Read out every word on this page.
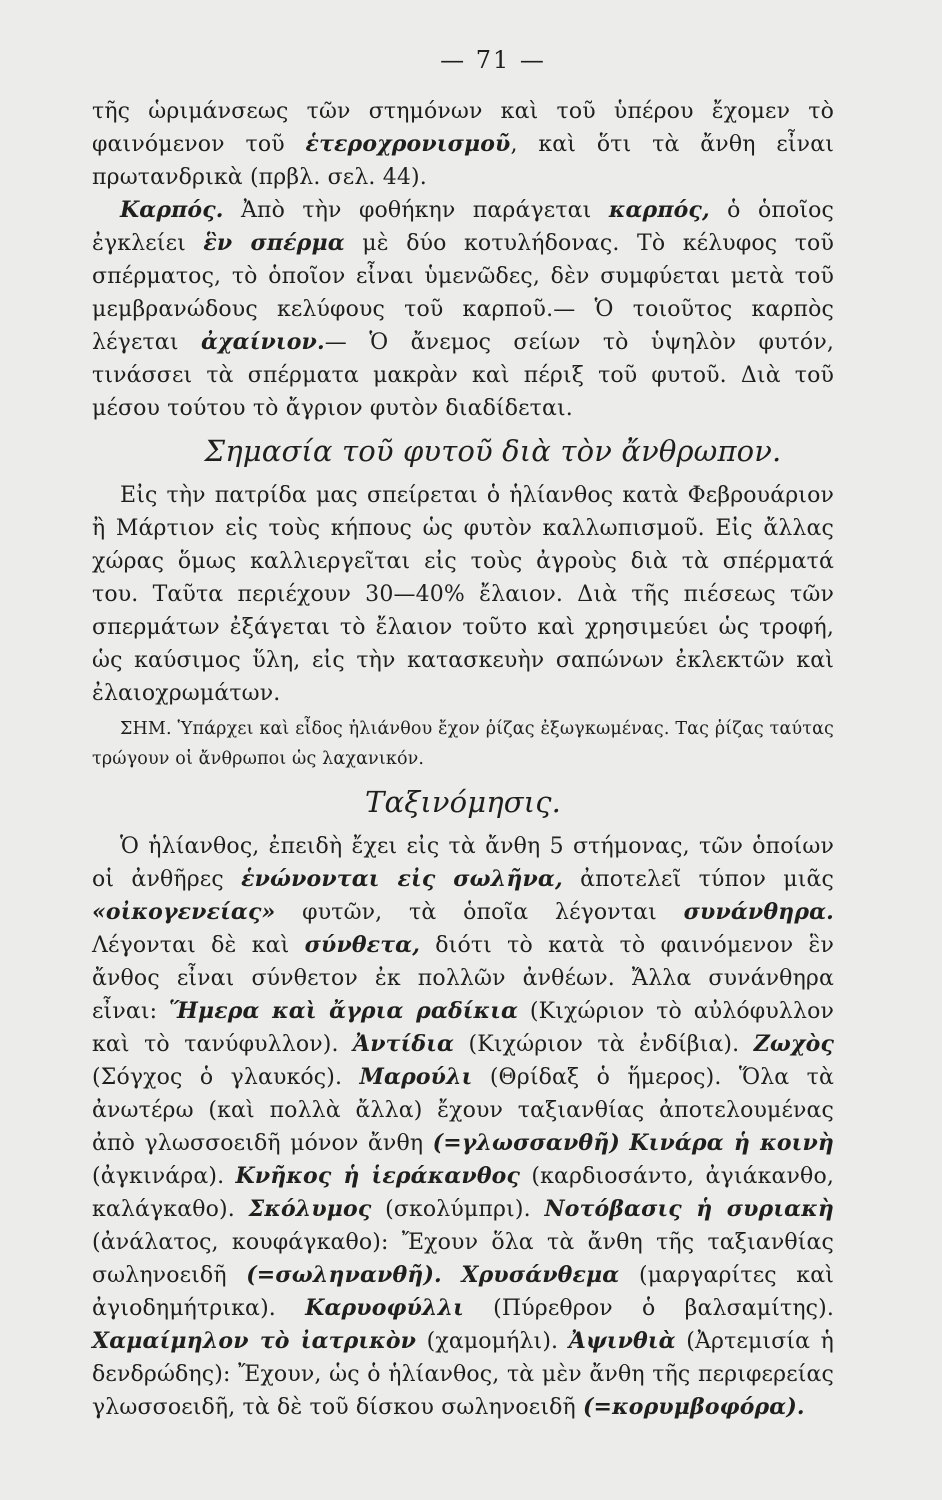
— 71 —

τῆς ὡριμάνσεως τῶν στημόνων καὶ τοῦ ὑπέρου ἔχομεν τὸ φαινόμενον τοῦ ἑτεροχρονισμοῦ, καὶ ὅτι τὰ ἄνθη εἶναι πρωτανδρικὰ (πρβλ. σελ. 44).

Καρπός. Ἀπὸ τὴν φοθήκην παράγεται καρπός, ὁ ὁποῖος ἐγκλείει ἓν σπέρμα μὲ δύο κοτυλήδονας. Τὸ κέλυφος τοῦ σπέρματος, τὸ ὁποῖον εἶναι ὑμενῶδες, δὲν συμφύεται μετὰ τοῦ μεμβρανώδους κελύφους τοῦ καρποῦ.— Ὁ τοιοῦτος καρπὸς λέγεται ἀχαίνιον.— Ὁ ἄνεμος σείων τὸ ὑψηλὸν φυτόν, τινάσσει τὰ σπέρματα μακρὰν καὶ πέριξ τοῦ φυτοῦ. Διὰ τοῦ μέσου τούτου τὸ ἄγριον φυτὸν διαδίδεται.

Σημασία τοῦ φυτοῦ διὰ τὸν ἄνθρωπον.

Εἰς τὴν πατρίδα μας σπείρεται ὁ ἡλίανθος κατὰ Φεβρουάριον ἢ Μάρτιον εἰς τοὺς κήπους ὡς φυτὸν καλλωπισμοῦ. Εἰς ἄλλας χώρας ὅμως καλλιεργεῖται εἰς τοὺς ἀγροὺς διὰ τὰ σπέρματά του. Ταῦτα περιέχουν 30—40% ἔλαιον. Διὰ τῆς πιέσεως τῶν σπερμάτων ἐξάγεται τὸ ἔλαιον τοῦτο καὶ χρησιμεύει ὡς τροφή, ὡς καύσιμος ὕλη, εἰς τὴν κατασκευὴν σαπώνων ἐκλεκτῶν καὶ ἐλαιοχρωμάτων.

ΣΗΜ. Ὑπάρχει καὶ εἶδος ἡλιάνθου ἔχον ῥίζας ἐξωγκωμένας. Τας ῥίζας ταύτας τρώγουν οἱ ἄνθρωποι ὡς λαχανικόν.

Ταξινόμησις.

Ὁ ἡλίανθος, ἐπειδὴ ἔχει εἰς τὰ ἄνθη 5 στήμονας, τῶν ὁποίων οἱ ἀνθῆρες ἑνώνονται εἰς σωλῆνα, ἀποτελεῖ τύπον μιᾶς «οἰκογενείας» φυτῶν, τὰ ὁποῖα λέγονται συνάνθηρα. Λέγονται δὲ καὶ σύνθετα, διότι τὸ κατὰ τὸ φαινόμενον ἓν ἄνθος εἶναι σύνθετον ἐκ πολλῶν ἀνθέων. Ἄλλα συνάνθηρα εἶναι: Ἥμερα καὶ ἄγρια ραδίκια (Κιχώριον τὸ αὐλόφυλλον καὶ τὸ τανύφυλλον). Ἀντίδια (Κιχώριον τὰ ἐνδίβια). Ζωχὸς (Σόγχος ὁ γλαυκός). Μαρούλι (Θρίδαξ ὁ ἥμερος). Ὅλα τὰ ἀνωτέρω (καὶ πολλὰ ἄλλα) ἔχουν ταξιανθίας ἀποτελουμένας ἀπὸ γλωσσοειδῆ μόνον ἄνθη (=γλωσσανθῆ) Κινάρα ἡ κοινὴ (ἀγκινάρα). Κνῆκος ἡ ἱεράκανθος (καρδιοσάντο, ἀγιάκανθο, καλάγκαθο). Σκόλυμος (σκολύμπρι). Νοτόβασις ἡ συριακὴ (ἀνάλατος, κουφάγκαθο): Ἔχουν ὅλα τὰ ἄνθη τῆς ταξιανθίας σωληνοειδῆ (=σωληνανθῆ). Χρυσάνθεμα (μαργαρίτες καὶ ἀγιοδημήτρικα). Καρυοφύλλι (Πύρεθρον ὁ βαλσαμίτης). Χαμαίμηλον τὸ ἰατρικὸν (χαμομήλι). Ἀψινθιὰ (Ἀρτεμισία ἡ δενδρώδης): Ἔχουν, ὡς ὁ ἡλίανθος, τὰ μὲν ἄνθη τῆς περιφερείας γλωσσοειδῆ, τὰ δὲ τοῦ δίσκου σωληνοειδῆ (=κορυμβοφόρα).
